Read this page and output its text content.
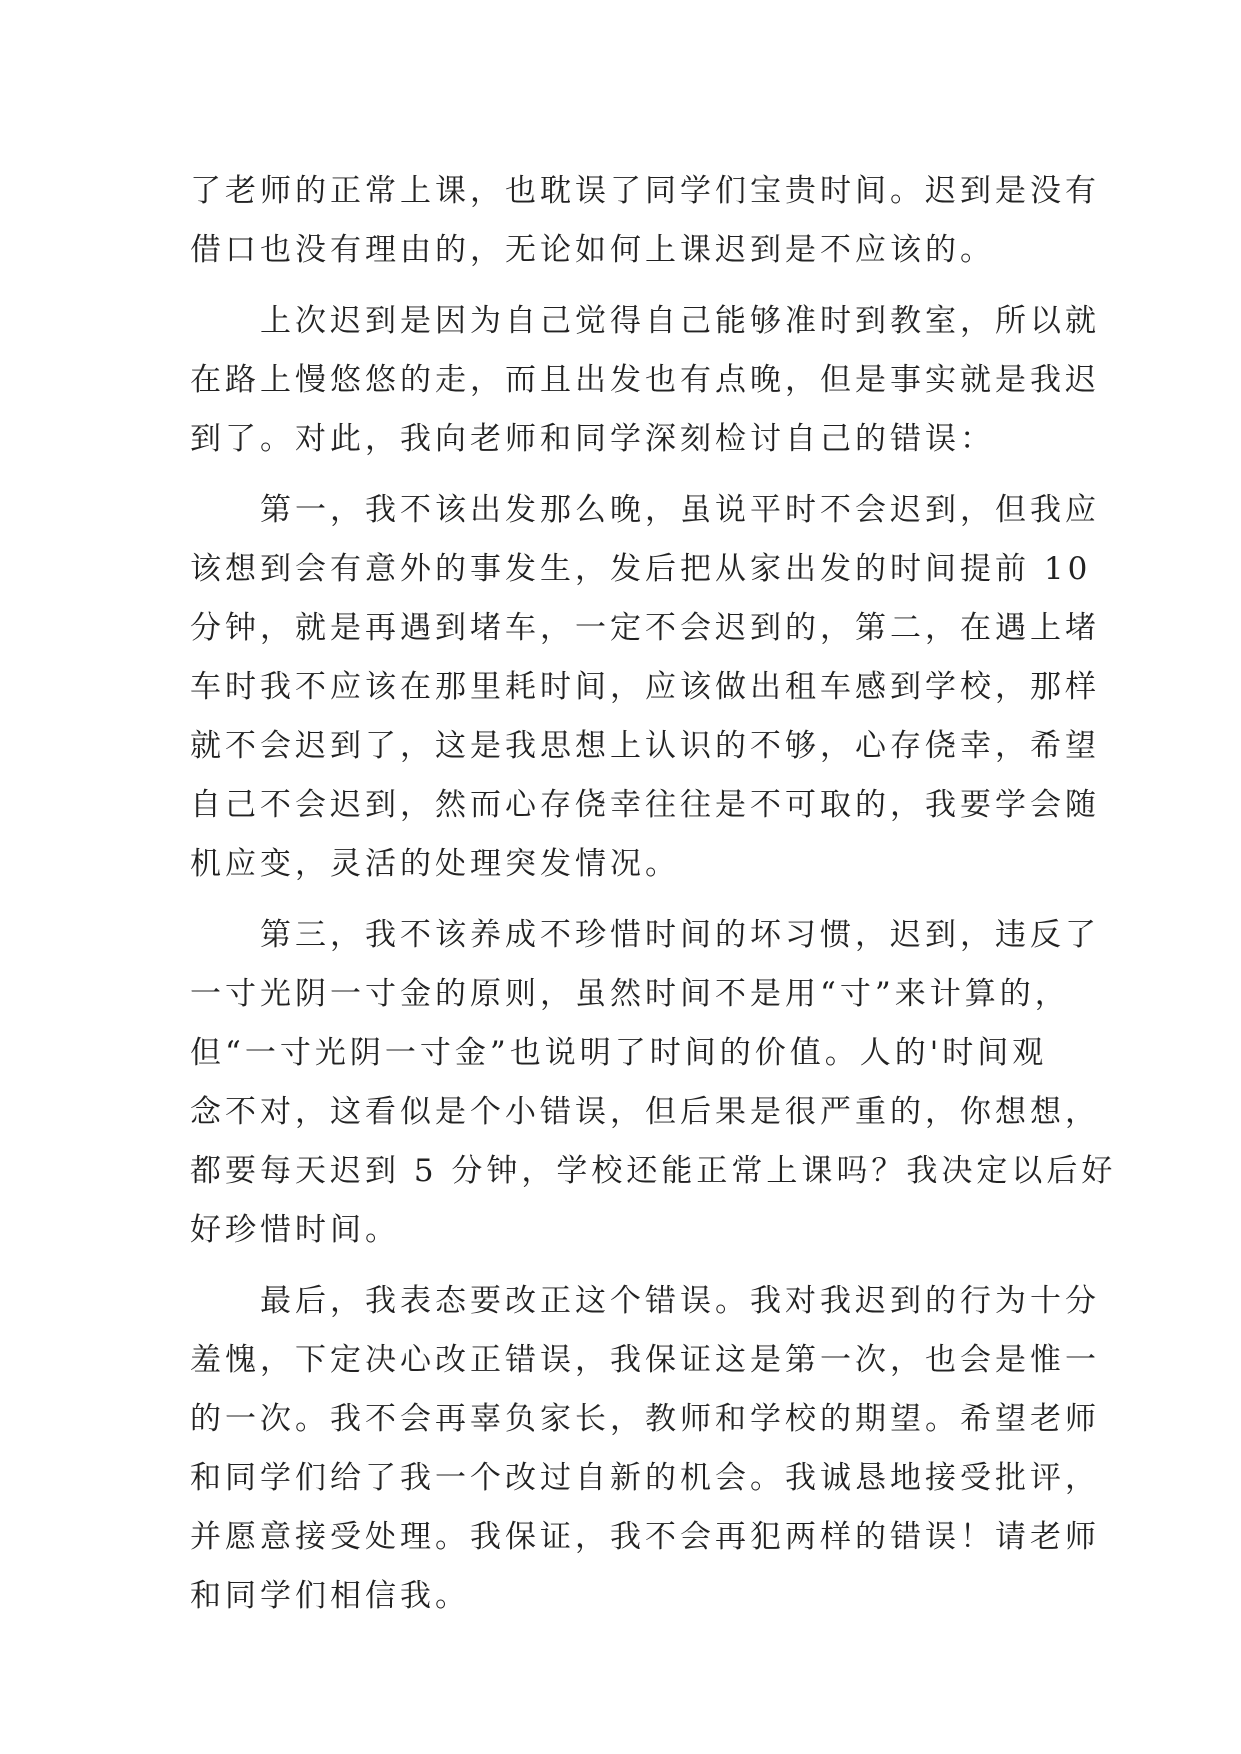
了老师的正常上课，也耽误了同学们宝贵时间。迟到是没有
借口也没有理由的，无论如何上课迟到是不应该的。
上次迟到是因为自己觉得自己能够准时到教室，所以就
在路上慢悠悠的走，而且出发也有点晚，但是事实就是我迟
到了。对此，我向老师和同学深刻检讨自己的错误：
第一，我不该出发那么晚，虽说平时不会迟到，但我应
该想到会有意外的事发生，发后把从家出发的时间提前 10
分钟，就是再遇到堵车，一定不会迟到的，第二，在遇上堵
车时我不应该在那里耗时间，应该做出租车感到学校，那样
就不会迟到了，这是我思想上认识的不够，心存侥幸，希望
自己不会迟到，然而心存侥幸往往是不可取的，我要学会随
机应变，灵活的处理突发情况。
第三，我不该养成不珍惜时间的坏习惯，迟到，违反了
一寸光阴一寸金的原则，虽然时间不是用“寸”来计算的，
但“一寸光阴一寸金”也说明了时间的价值。人的'时间观
念不对，这看似是个小错误，但后果是很严重的，你想想，
都要每天迟到 5 分钟，学校还能正常上课吗？我决定以后好
好珍惜时间。
最后，我表态要改正这个错误。我对我迟到的行为十分
羞愧，下定决心改正错误，我保证这是第一次，也会是惟一
的一次。我不会再辜负家长，教师和学校的期望。希望老师
和同学们给了我一个改过自新的机会。我诚恳地接受批评，
并愿意接受处理。我保证，我不会再犯两样的错误！请老师
和同学们相信我。
